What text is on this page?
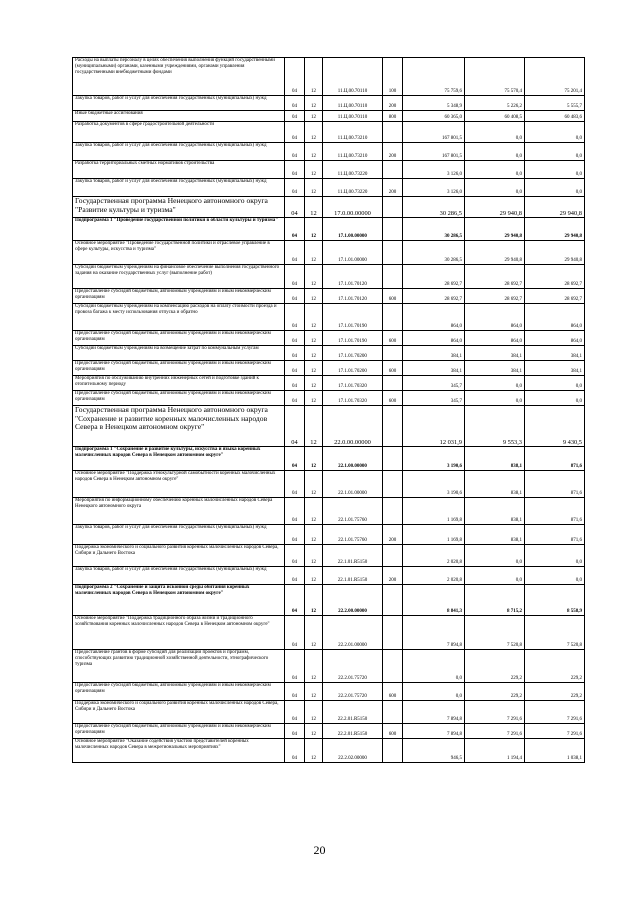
Расходы на выплаты персоналу в целях обеспечения выполнения функций государственными (муниципальными) органами, казенными учреждениями, органами управления государственными внебюджетными фондами	04	12	11.Ц.00.70110	100	75 759,6	75 570,4	75 201,4
Закупка товаров, работ и услуг для обеспечения государственных (муниципальных) нужд	04	12	11.Ц.00.70110	200	5 348,9	5 226,2	5 555,7
Иные бюджетные ассигнования	04	12	11.Ц.00.70110	800	60 365,0	60 408,5	60 483,6
Разработка документов в сфере градостроительной деятельности	04	12	11.Ц.00.73210		167 801,5	0,0	0,0
Закупка товаров, работ и услуг для обеспечения государственных (муниципальных) нужд	04	12	11.Ц.00.73210	200	167 801,5	0,0	0,0
Разработка территориальных сметных нормативов строительства	04	12	11.Ц.00.73220		3 126,0	0,0	0,0
Закупка товаров, работ и услуг для обеспечения государственных (муниципальных) нужд	04	12	11.Ц.00.73220	200	3 126,0	0,0	0,0
Государственная программа Ненецкого автономного округа "Развитие культуры и туризма"	04	12	17.0.00.00000		30 286,5	29 940,8	29 940,8
Подпрограмма 1 "Проведение государственной политики в области культуры и туризма"	04	12	17.1.00.00000		30 286,5	29 940,8	29 940,8
Основное мероприятие "Проведение государственной политики и отраслевое управление в сфере культуры, искусства и туризма"	04	12	17.1.01.00000		30 286,5	29 940,8	29 940,8
Субсидии бюджетным учреждениям на финансовое обеспечение выполнения государственного задания на оказание государственных услуг (выполнение работ)	04	12	17.1.01.70120		28 692,7	28 692,7	28 692,7
Предоставление субсидий бюджетным, автономным учреждениям и иным некоммерческим организациям	04	12	17.1.01.70120	600	28 692,7	28 692,7	28 692,7
Субсидии бюджетным учреждениям на компенсацию расходов на оплату стоимости проезда и провоза багажа к месту использования отпуска и обратно	04	12	17.1.01.70190		864,0	864,0	864,0
Предоставление субсидий бюджетным, автономным учреждениям и иным некоммерческим организациям	04	12	17.1.01.70190	600	864,0	864,0	864,0
Субсидии бюджетным учреждениям на возмещение затрат по коммунальным услугам	04	12	17.1.01.70200		384,1	384,1	384,1
Предоставление субсидий бюджетным, автономным учреждениям и иным некоммерческим организациям	04	12	17.1.01.70200	600	384,1	384,1	384,1
Мероприятия по обслуживанию внутренних инженерных сетей и подготовке зданий к отопительному периоду	04	12	17.1.01.70320		345,7	0,0	0,0
Предоставление субсидий бюджетным, автономным учреждениям и иным некоммерческим организациям	04	12	17.1.01.70320	600	345,7	0,0	0,0
Государственная программа Ненецкого автономного округа "Сохранение и развитие коренных малочисленных народов Севера в Ненецком автономном округе"	04	12	22.0.00.00000		12 031,9	9 553,3	9 430,5
Подпрограмма 1 "Сохранение и развитие культуры, искусства и языка коренных малочисленных народов Севера в Ненецком автономном округе"	04	12	22.1.00.00000		3 190,6	838,1	871,6
Основное мероприятие "Поддержка этнокультурной самобытности коренных малочисленных народов Севера в Ненецком автономном округе"	04	12	22.1.01.00000		3 190,6	838,1	871,6
Мероприятия по информационному обеспечению коренных малочисленных народов Севера Ненецкого автономного округа	04	12	22.1.01.75760		1 169,8	838,1	871,6
Закупка товаров, работ и услуг для обеспечения государственных (муниципальных) нужд	04	12	22.1.01.75760	200	1 169,8	838,1	871,6
Поддержка экономического и социального развития коренных малочисленных народов Севера, Сибири и Дальнего Востока	04	12	22.1.01.R5150		2 020,8	0,0	0,0
Закупка товаров, работ и услуг для обеспечения государственных (муниципальных) нужд	04	12	22.1.01.R5150	200	2 020,8	0,0	0,0
Подпрограмма 2 "Сохранение и защита исконной среды обитания коренных малочисленных народов Севера в Ненецком автономном округе"	04	12	22.2.00.00000		8 841,3	8 715,2	8 558,9
Основное мероприятие "Поддержка традиционного образа жизни и традиционного хозяйствования коренных малочисленных народов Севера в Ненецком автономном округе"	04	12	22.2.01.00000		7 894,8	7 520,8	7 520,8
Предоставление грантов в форме субсидий для реализации проектов и программ, способствующих развитию традиционной хозяйственной деятельности, этнографического туризма	04	12	22.2.01.75720		0,0	229,2	229,2
Предоставление субсидий бюджетным, автономным учреждениям и иным некоммерческим организациям	04	12	22.2.01.75720	600	0,0	229,2	229,2
Поддержка экономического и социального развития коренных малочисленных народов Севера, Сибири и Дальнего Востока	04	12	22.2.01.R5150		7 894,8	7 291,6	7 291,6
Предоставление субсидий бюджетным, автономным учреждениям и иным некоммерческим организациям	04	12	22.2.01.R5150	600	7 894,8	7 291,6	7 291,6
Основное мероприятие "Оказание содействия участию представителей коренных малочисленных народов Севера в межрегиональных мероприятиях"	04	12	22.2.02.00000		946,5	1 194,4	1 038,1
20
